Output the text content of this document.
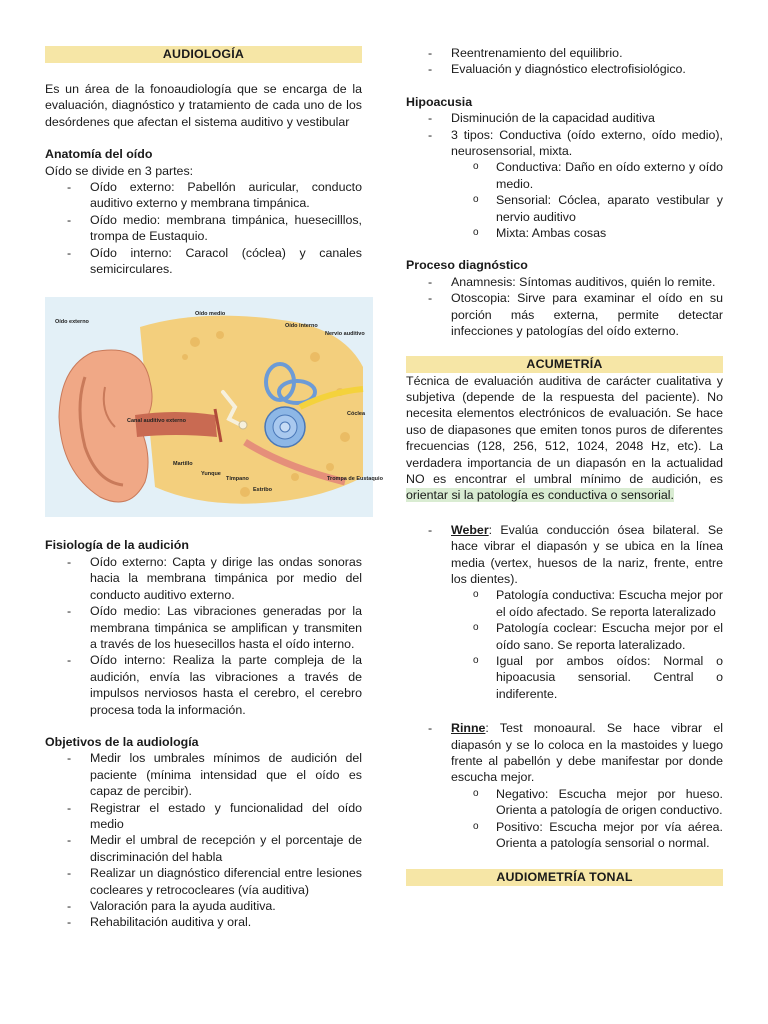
AUDIOLOGÍA

Es un área de la fonoaudiología que se encarga de la evaluación, diagnóstico y tratamiento de cada uno de los desórdenes que afectan el sistema auditivo y vestibular

Anatomía del oído

Oído se divide en 3 partes:

- Oído externo: Pabellón auricular, conducto auditivo externo y membrana timpánica.
- Oído medio: membrana timpánica, huesecilllos, trompa de Eustaquio.
- Oído interno: Caracol (cóclea) y canales semicirculares.
Oído externo
Oído medio
Oído interno
Nervio auditivo
Canal auditivo externo
Cóclea
Martillo
Yunque
Tímpano
Estribo
Trompa de Eustaquio
Fisiología de la audición
- Oído externo: Capta y dirige las ondas sonoras hacia la membrana timpánica por medio del conducto auditivo externo.
- Oído medio: Las vibraciones generadas por la membrana timpánica se amplifican y transmiten a través de los huesecillos hasta el oído interno.
- Oído interno: Realiza la parte compleja de la audición, envía las vibraciones a través de impulsos nerviosos hasta el cerebro, el cerebro procesa toda la información.
Objetivos de la audiología
- Medir los umbrales mínimos de audición del paciente (mínima intensidad que el oído es capaz de percibir).
- Registrar el estado y funcionalidad del oído medio
- Medir el umbral de recepción y el porcentaje de discriminación del habla
- Realizar un diagnóstico diferencial entre lesiones cocleares y retrococleares (vía auditiva)
- Valoración para la ayuda auditiva.
- Rehabilitación auditiva y oral.
- Reentrenamiento del equilibrio.
- Evaluación y diagnóstico electrofisiológico.
Hipoacusia
- Disminución de la capacidad auditiva
- 3 tipos: Conductiva (oído externo, oído medio), neurosensorial, mixta.
o Conductiva: Daño en oído externo y oído medio.
o Sensorial: Cóclea, aparato vestibular y nervio auditivo
o Mixta: Ambas cosas
Proceso diagnóstico
- Anamnesis: Síntomas auditivos, quién lo remite.
- Otoscopia: Sirve para examinar el oído en su porción más externa, permite detectar infecciones y patologías del oído externo.
ACUMETRÍA

Técnica de evaluación auditiva de carácter cualitativa y subjetiva (depende de la respuesta del paciente). No necesita elementos electrónicos de evaluación. Se hace uso de diapasones que emiten tonos puros de diferentes frecuencias (128, 256, 512, 1024, 2048 Hz, etc). La verdadera importancia de un diapasón en la actualidad NO es encontrar el umbral mínimo de audición, es orientar si la patología es conductiva o sensorial.

- Weber: Evalúa conducción ósea bilateral. Se hace vibrar el diapasón y se ubica en la línea media (vertex, huesos de la nariz, frente, entre los dientes).
o Patología conductiva: Escucha mejor por el oído afectado. Se reporta lateralizado
o Patología coclear: Escucha mejor por el oído sano. Se reporta lateralizado.
o Igual por ambos oídos: Normal o hipoacusia sensorial. Central o indiferente.
- Rinne: Test monoaural. Se hace vibrar el diapasón y se lo coloca en la mastoides y luego frente al pabellón y debe manifestar por donde escucha mejor.
o Negativo: Escucha mejor por hueso. Orienta a patología de origen conductivo.
o Positivo: Escucha mejor por vía aérea. Orienta a patología sensorial o normal.
AUDIOMETRÍA TONAL
